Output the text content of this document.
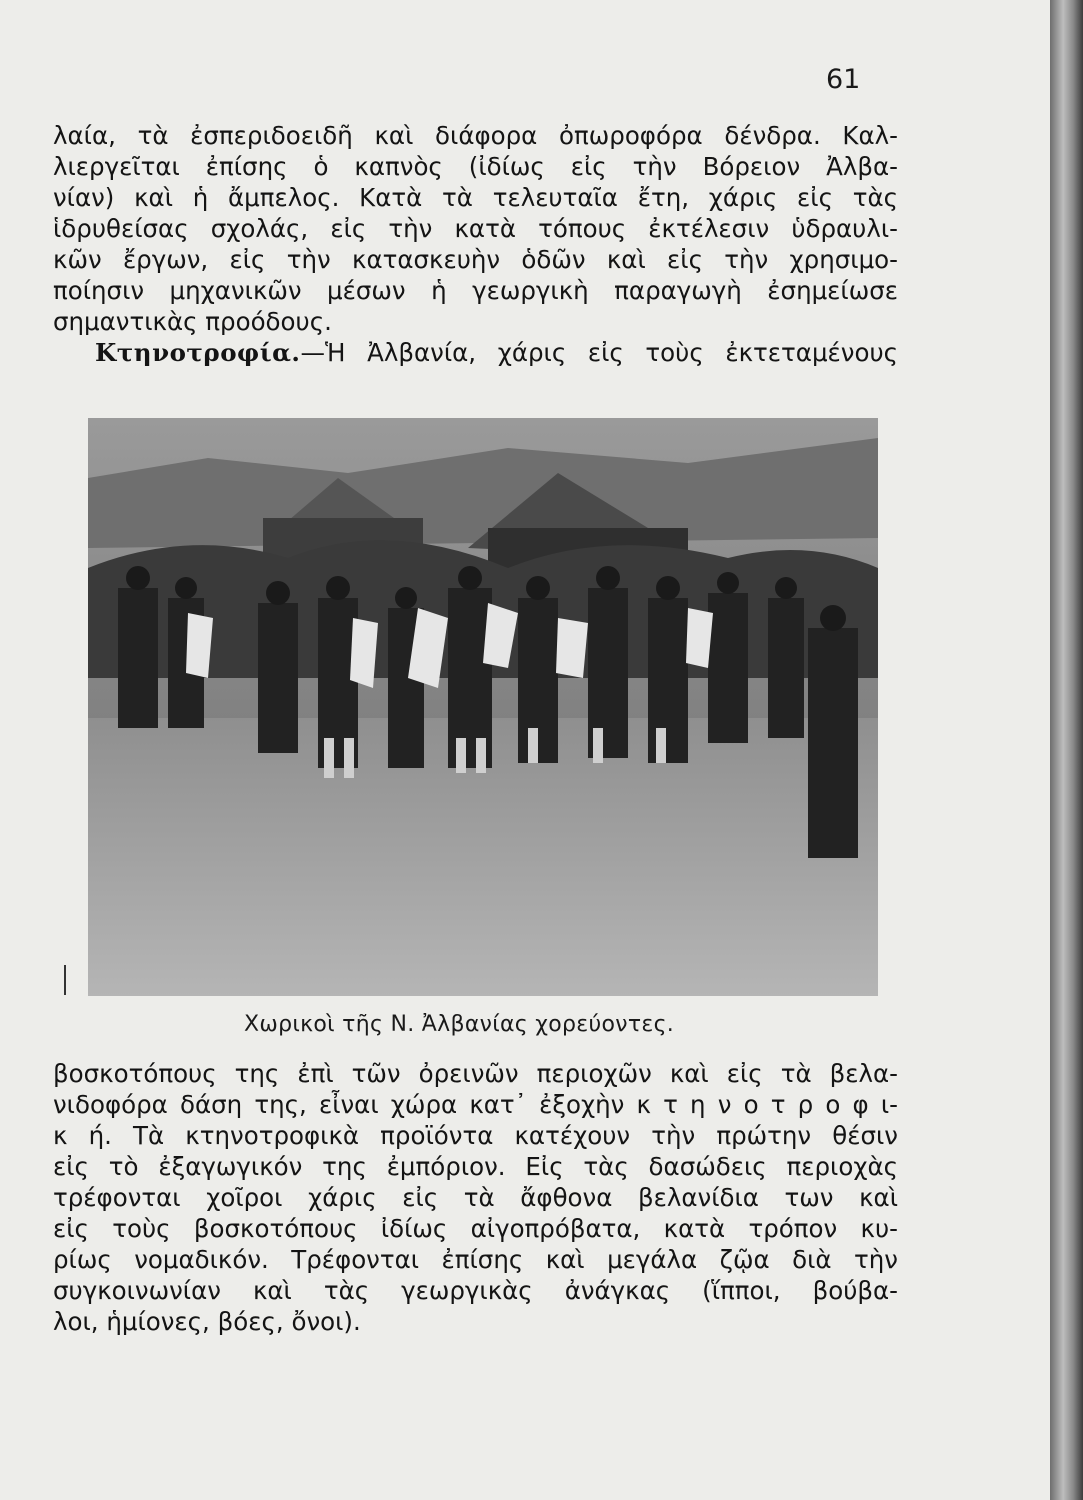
61
λαία, τὰ ἐσπεριδοειδῆ καὶ διάφορα ὀπωροφόρα δένδρα. Καλ-
λιεργεῖται ἐπίσης ὁ καπνὸς (ἰδίως εἰς τὴν Βόρειον Ἀλβα-
νίαν) καὶ ἡ ἄμπελος. Κατὰ τὰ τελευταῖα ἔτη, χάρις εἰς τὰς
ἱδρυθείσας σχολάς, εἰς τὴν κατὰ τόπους ἐκτέλεσιν ὑδραυλι-
κῶν ἔργων, εἰς τὴν κατασκευὴν ὁδῶν καὶ εἰς τὴν χρησιμο-
ποίησιν μηχανικῶν μέσων ἡ γεωργικὴ παραγωγὴ ἐσημείωσε
σημαντικὰς προόδους.
Κτηνοτροφία.—Ἡ Ἀλβανία, χάρις εἰς τοὺς ἐκτεταμένους
Χωρικοὶ τῆς Ν. Ἀλβανίας χορεύοντες.
βοσκοτόπους της ἐπὶ τῶν ὀρεινῶν περιοχῶν καὶ εἰς τὰ βελα-
νιδοφόρα δάση της, εἶναι χώρα κατ᾽ ἐξοχὴν κ τ η ν ο τ ρ ο φ ι-
κ ή. Τὰ κτηνοτροφικὰ προϊόντα κατέχουν τὴν πρώτην θέσιν
εἰς τὸ ἐξαγωγικόν της ἐμπόριον. Εἰς τὰς δασώδεις περιοχὰς
τρέφονται χοῖροι χάρις εἰς τὰ ἄφθονα βελανίδια των καὶ
εἰς τοὺς βοσκοτόπους ἰδίως αἰγοπρόβατα, κατὰ τρόπον κυ-
ρίως νομαδικόν. Τρέφονται ἐπίσης καὶ μεγάλα ζῷα διὰ τὴν
συγκοινωνίαν καὶ τὰς γεωργικὰς ἀνάγκας (ἵπποι, βούβα-
λοι, ἡμίονες, βόες, ὄνοι).
